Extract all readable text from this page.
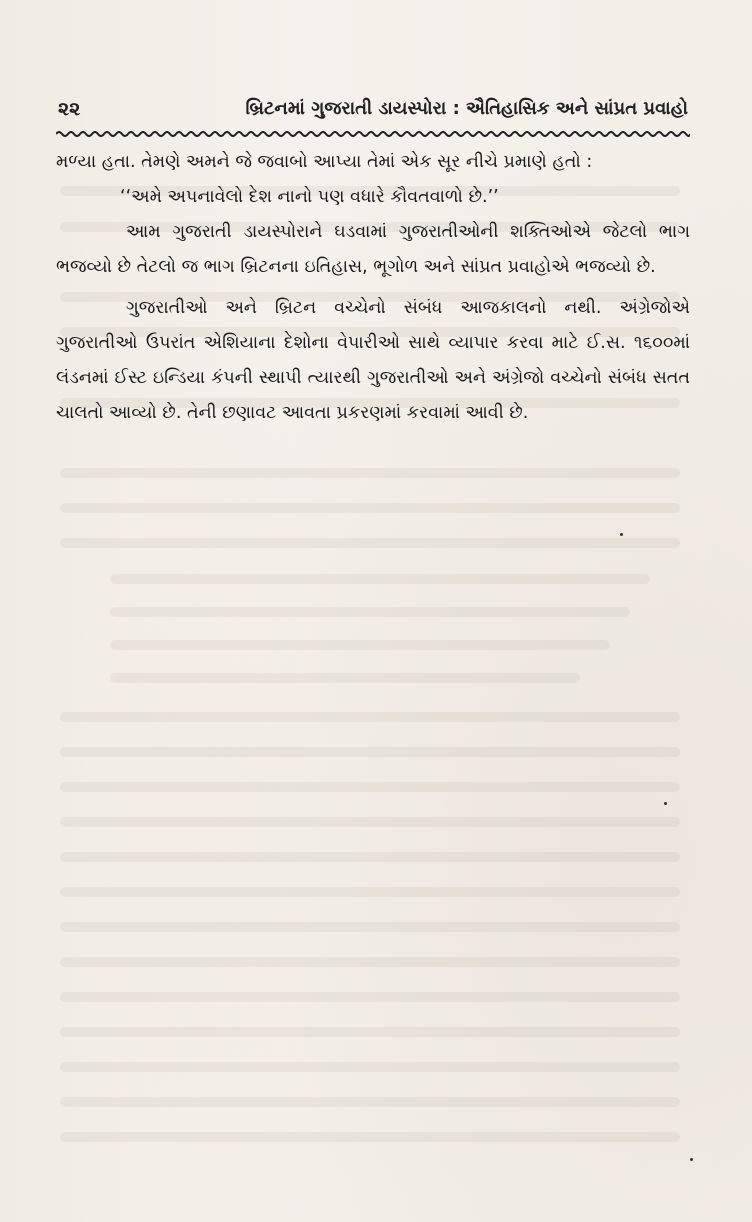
૨૨	બ્રિટનમાં ગુજરાતી ડાયસ્પોરા : ઐતિહાસિક અને સાંપ્રત પ્રવાહો

મળ્યા હતા. તેમણે અમને જે જવાબો આપ્યા તેમાં એક સૂર નીચે પ્રમાણે હતો :

‘‘અમે અપનાવેલો દેશ નાનો પણ વધારે કૌવતવાળો છે.’’

આમ ગુજરાતી ડાયસ્પોરાને ઘડવામાં ગુજરાતીઓની શક્તિઓએ જેટલો ભાગ ભજવ્યો છે તેટલો જ ભાગ બ્રિટનના ઇતિહાસ, ભૂગોળ અને સાંપ્રત પ્રવાહોએ ભજવ્યો છે.

ગુજરાતીઓ અને બ્રિટન વચ્ચેનો સંબંધ આજકાલનો નથી. અંગ્રેજોએ ગુજરાતીઓ ઉપરાંત એશિયાના દેશોના વેપારીઓ સાથે વ્યાપાર કરવા માટે ઈ.સ. ૧૬૦૦માં લંડનમાં ઈસ્ટ ઇન્ડિયા કંપની સ્થાપી ત્યારથી ગુજરાતીઓ અને અંગ્રેજો વચ્ચેનો સંબંધ સતત ચાલતો આવ્યો છે. તેની છણાવટ આવતા પ્રકરણમાં કરવામાં આવી છે.
